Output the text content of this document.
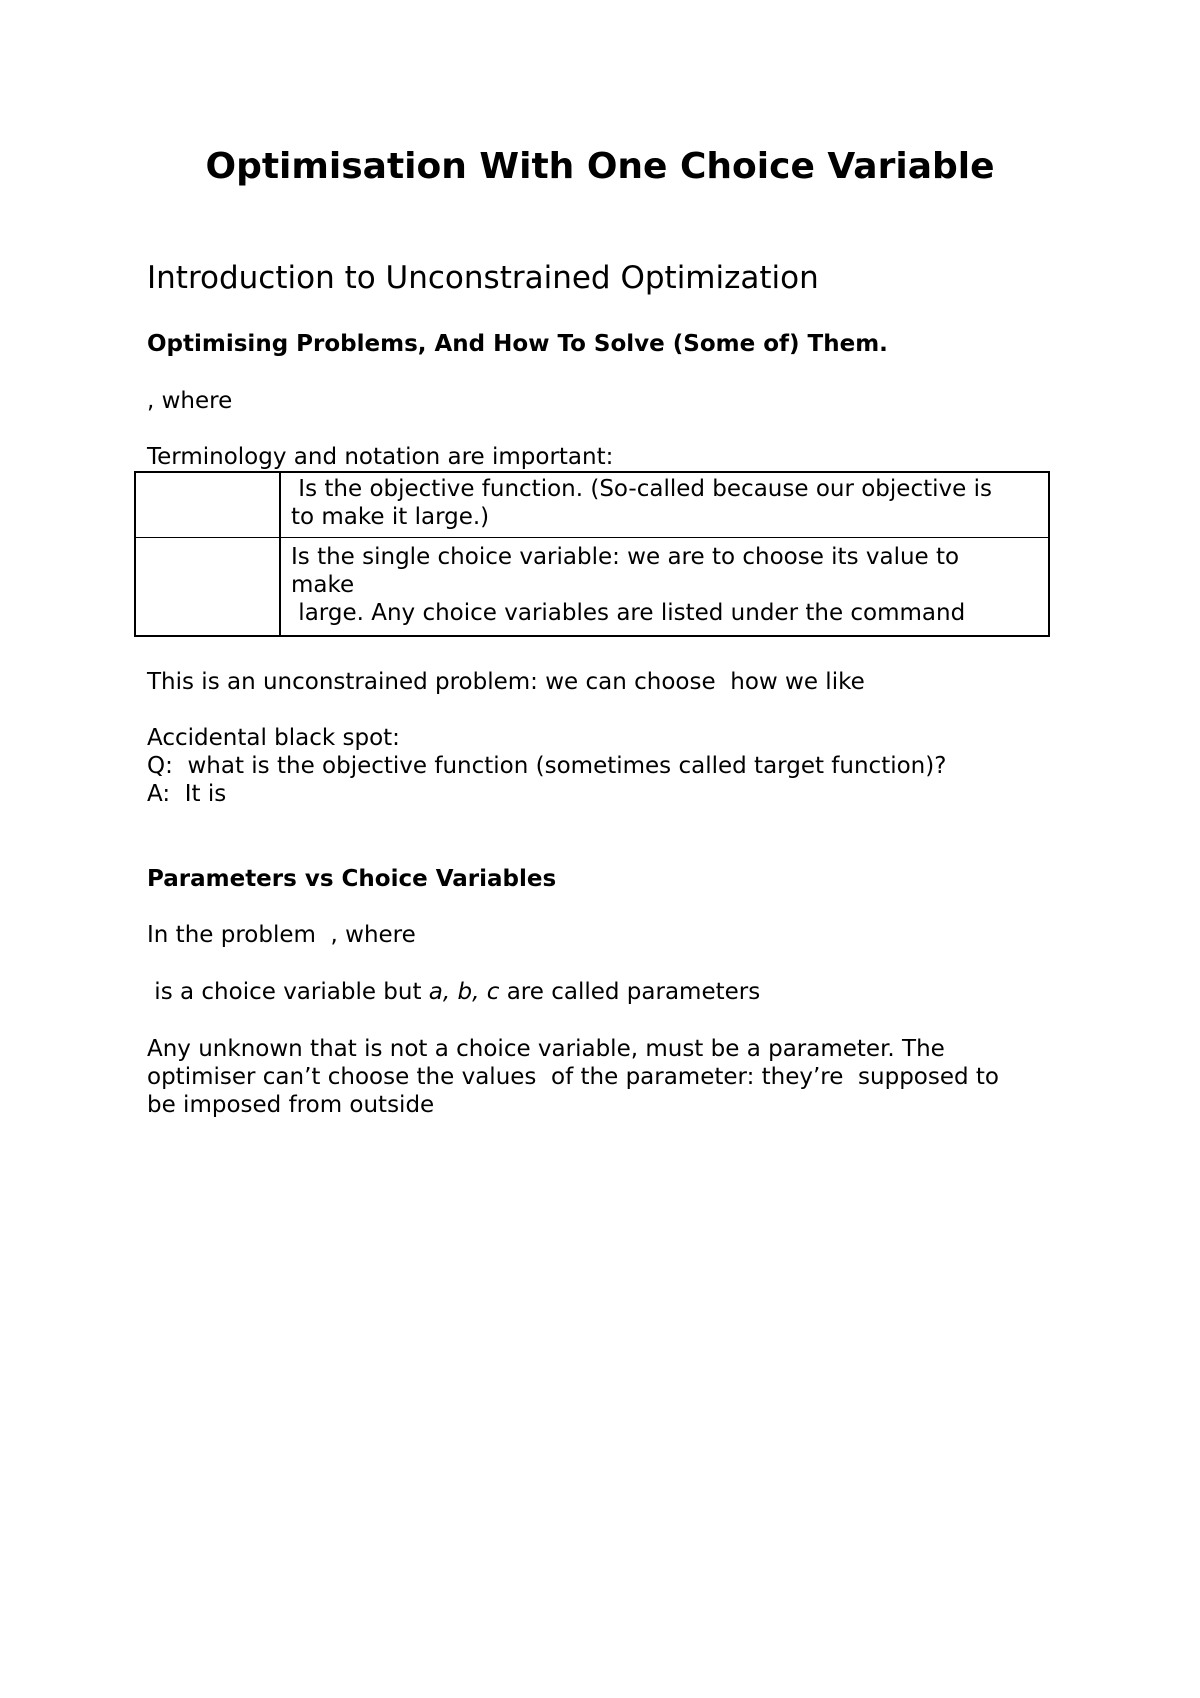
Optimisation With One Choice Variable

Introduction to Unconstrained Optimization

Optimising Problems, And How To Solve (Some of) Them.

, where

Terminology and notation are important:

Is the objective function. (So-called because our objective is

to make it large.)

Is the single choice variable: we are to choose its value to

make

large. Any choice variables are listed under the command

This is an unconstrained problem: we can choose  how we like

Accidental black spot:

Q:  what is the objective function (sometimes called target function)?

A:  It is

Parameters vs Choice Variables

In the problem  , where

is a choice variable but a, b, c are called parameters

Any unknown that is not a choice variable, must be a parameter. The

optimiser can’t choose the values  of the parameter: they’re  supposed to

be imposed from outside
